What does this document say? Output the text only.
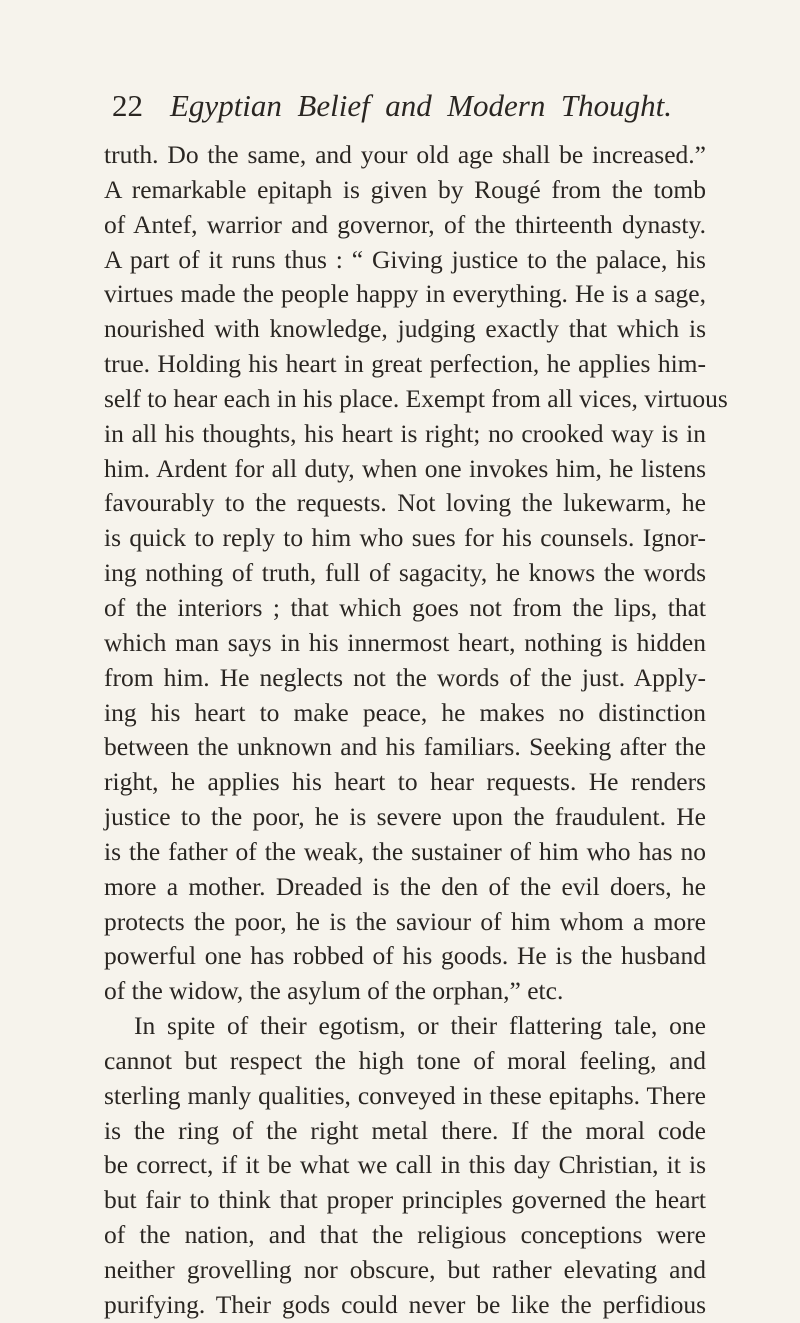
22 Egyptian  Belief  and  Modern  Thought.
truth. Do the same, and your old age shall be increased.”
A remarkable epitaph is given by Rougé from the tomb
of Antef, warrior and governor, of the thirteenth dynasty.
A part of it runs thus : “ Giving justice to the palace, his
virtues made the people happy in everything. He is a sage,
nourished with knowledge, judging exactly that which is
true. Holding his heart in great perfection, he applies him-
self to hear each in his place. Exempt from all vices, virtuous
in all his thoughts, his heart is right; no crooked way is in
him. Ardent for all duty, when one invokes him, he listens
favourably to the requests. Not loving the lukewarm, he
is quick to reply to him who sues for his counsels. Ignor-
ing nothing of truth, full of sagacity, he knows the words
of the interiors ; that which goes not from the lips, that
which man says in his innermost heart, nothing is hidden
from him. He neglects not the words of the just. Apply-
ing his heart to make peace, he makes no distinction
between the unknown and his familiars. Seeking after the
right, he applies his heart to hear requests. He renders
justice to the poor, he is severe upon the fraudulent. He
is the father of the weak, the sustainer of him who has no
more a mother. Dreaded is the den of the evil doers, he
protects the poor, he is the saviour of him whom a more
powerful one has robbed of his goods. He is the husband
of the widow, the asylum of the orphan,” etc.
In spite of their egotism, or their flattering tale, one
cannot but respect the high tone of moral feeling, and
sterling manly qualities, conveyed in these epitaphs. There
is the ring of the right metal there. If the moral code
be correct, if it be what we call in this day Christian, it is
but fair to think that proper principles governed the heart
of the nation, and that the religious conceptions were
neither grovelling nor obscure, but rather elevating and
purifying. Their gods could never be like the perfidious
